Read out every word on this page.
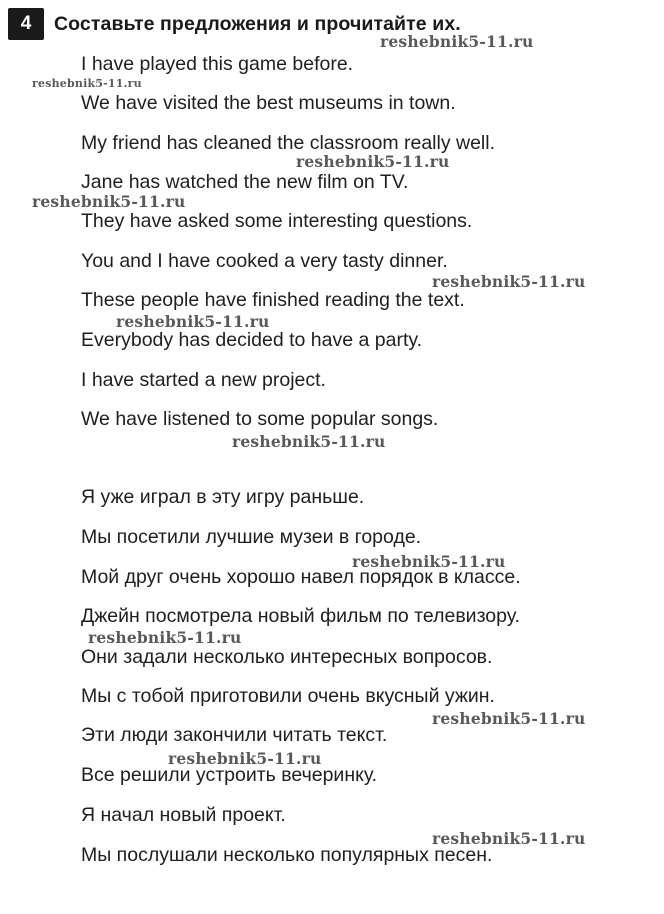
4	Составьте предложения и прочитайте их.
I have played this game before.
We have visited the best museums in town.
My friend has cleaned the classroom really well.
Jane has watched the new film on TV.
They have asked some interesting questions.
You and I have cooked a very tasty dinner.
These people have finished reading the text.
Everybody has decided to have a party.
I have started a new project.
We have listened to some popular songs.
Я уже играл в эту игру раньше.
Мы посетили лучшие музеи в городе.
Мой друг очень хорошо навел порядок в классе.
Джейн посмотрела новый фильм по телевизору.
Они задали несколько интересных вопросов.
Мы с тобой приготовили очень вкусный ужин.
Эти люди закончили читать текст.
Все решили устроить вечеринку.
Я начал новый проект.
Мы послушали несколько популярных песен.
reshebnik5-11.ru
reshebnik5-11.ru
reshebnik5-11.ru
reshebnik5-11.ru
reshebnik5-11.ru
reshebnik5-11.ru
reshebnik5-11.ru
reshebnik5-11.ru
reshebnik5-11.ru
reshebnik5-11.ru
reshebnik5-11.ru
reshebnik5-11.ru
